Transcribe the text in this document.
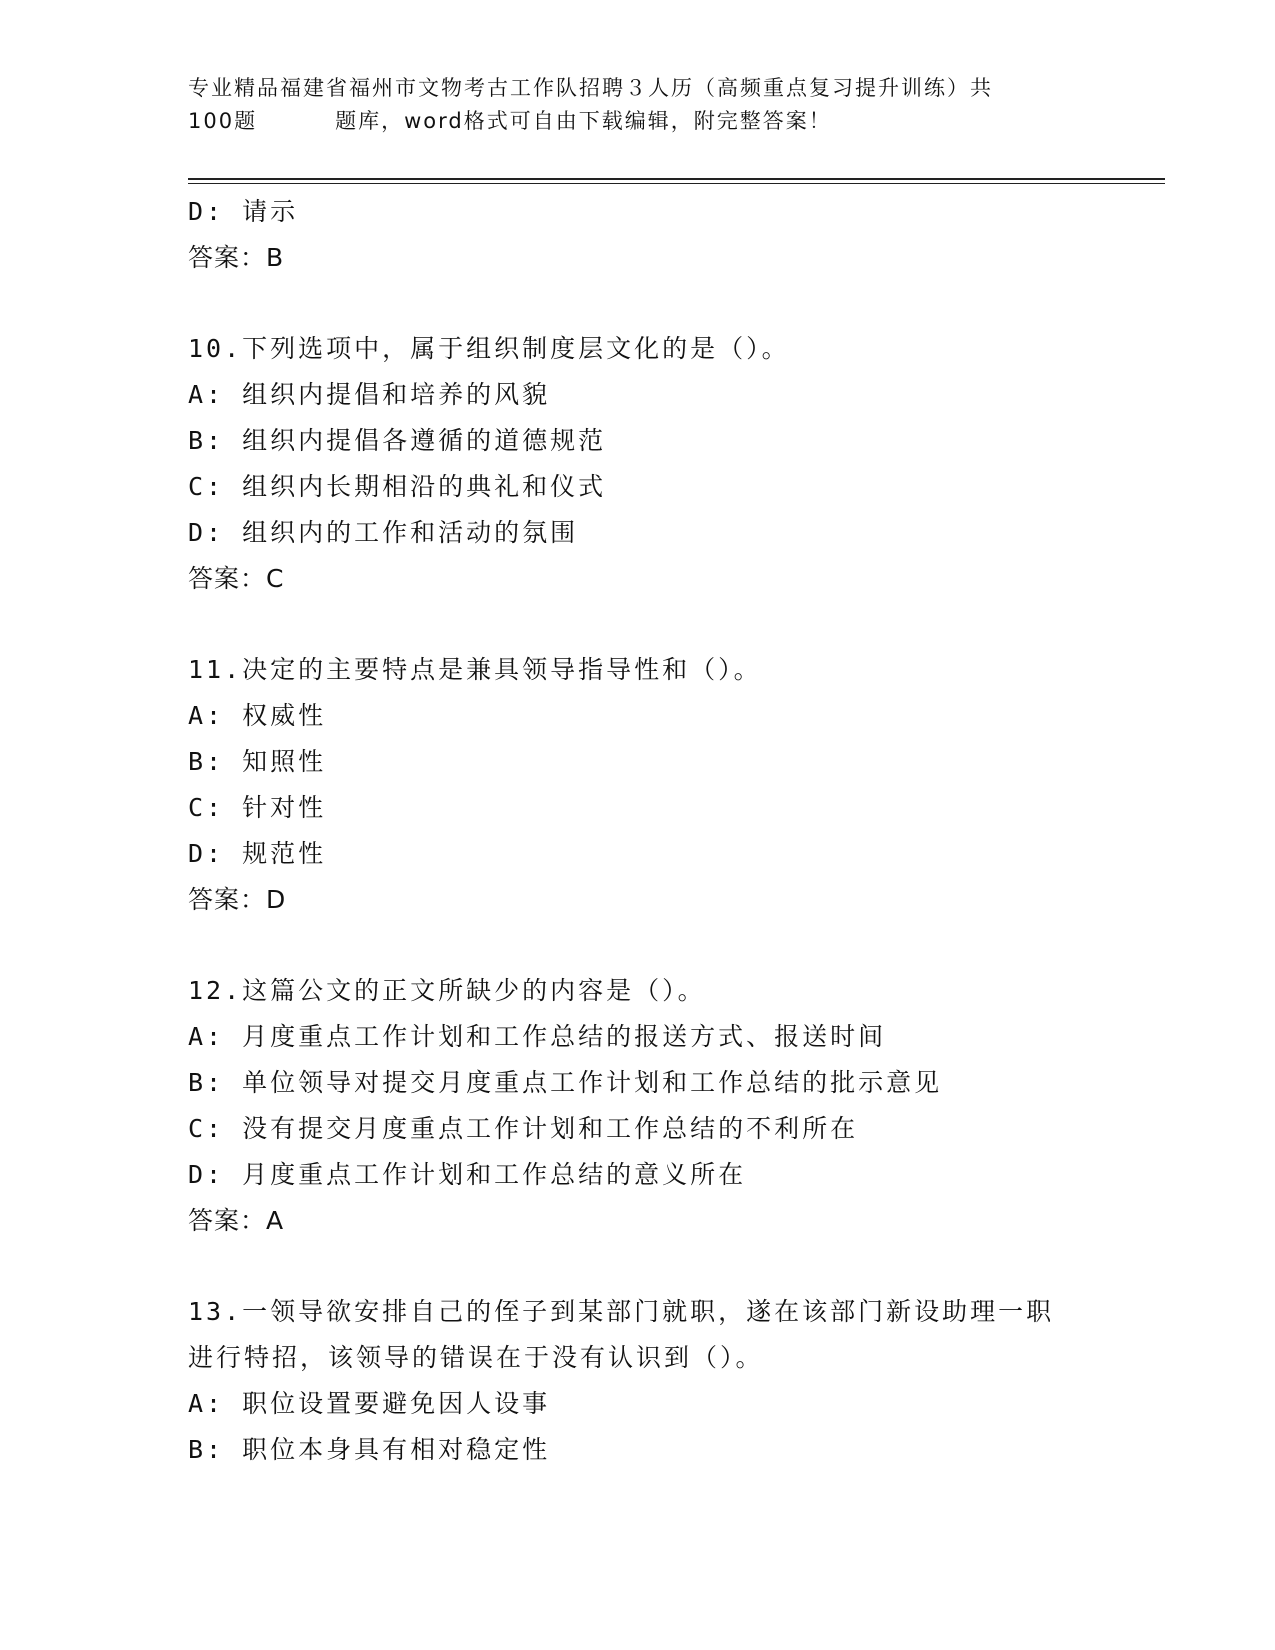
专业精品福建省福州市文物考古工作队招聘３人历（高频重点复习提升训练）共
100题	题库，word格式可自由下载编辑，附完整答案！
D: 请示
答案：B
10.下列选项中，属于组织制度层文化的是（）。
A: 组织内提倡和培养的风貌
B: 组织内提倡各遵循的道德规范
C: 组织内长期相沿的典礼和仪式
D: 组织内的工作和活动的氛围
答案：C
11.决定的主要特点是兼具领导指导性和（）。
A: 权威性
B: 知照性
C: 针对性
D: 规范性
答案：D
12.这篇公文的正文所缺少的内容是（）。
A: 月度重点工作计划和工作总结的报送方式、报送时间
B: 单位领导对提交月度重点工作计划和工作总结的批示意见
C: 没有提交月度重点工作计划和工作总结的不利所在
D: 月度重点工作计划和工作总结的意义所在
答案：A
13.一领导欲安排自己的侄子到某部门就职，遂在该部门新设助理一职
进行特招，该领导的错误在于没有认识到（）。
A: 职位设置要避免因人设事
B: 职位本身具有相对稳定性
